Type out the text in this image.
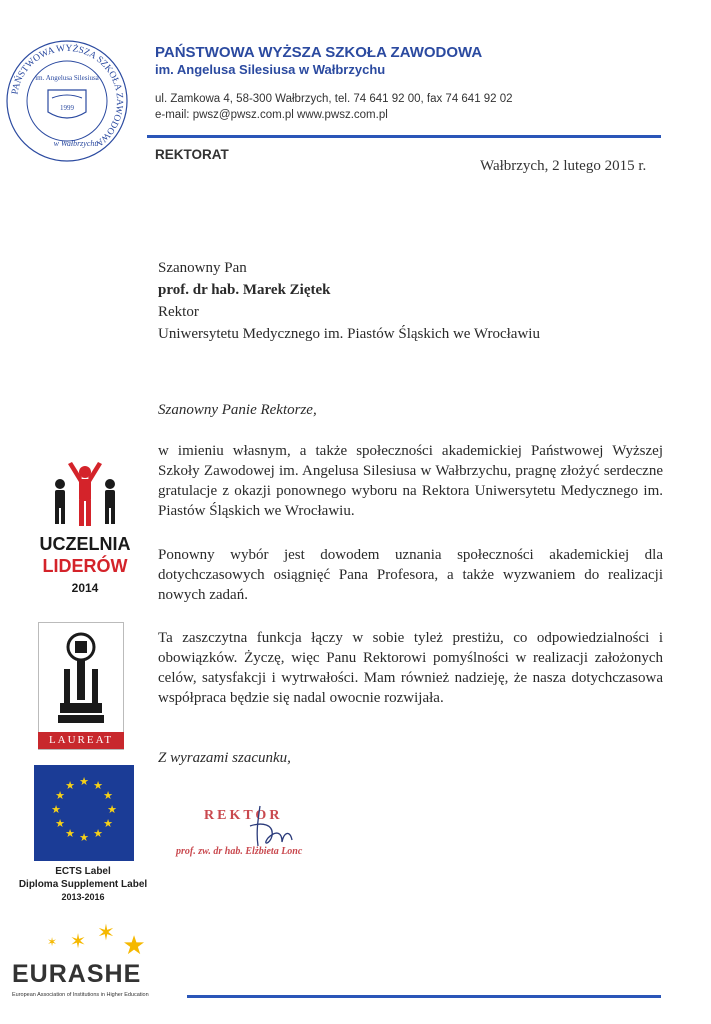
PAŃSTWOWA WYŻSZA SZKOŁA ZAWODOWA
im. Angelusa Silesiusa
1999
w Wałbrzychu
PAŃSTWOWA WYŻSZA SZKOŁA ZAWODOWA
im. Angelusa Silesiusa w Wałbrzychu
ul. Zamkowa 4, 58-300 Wałbrzych, tel. 74 641 92 00, fax 74 641 92 02
e-mail: pwsz@pwsz.com.pl www.pwsz.com.pl
REKTORAT
Wałbrzych, 2 lutego 2015 r.
Szanowny Pan
prof. dr hab. Marek Ziętek
Rektor
Uniwersytetu Medycznego im. Piastów Śląskich we Wrocławiu
Szanowny Panie Rektorze,
w imieniu własnym, a także społeczności akademickiej Państwowej Wyższej Szkoły Zawodowej im. Angelusa Silesiusa w Wałbrzychu, pragnę złożyć serdeczne gratulacje z okazji ponownego wyboru na Rektora Uniwersytetu Medycznego im. Piastów Śląskich we Wrocławiu.
Ponowny wybór jest dowodem uznania społeczności akademickiej dla dotychczasowych osiągnięć Pana Profesora, a także wyzwaniem do realizacji nowych zadań.
Ta zaszczytna funkcja łączy w sobie tyleż prestiżu, co odpowiedzialności i obowiązków. Życzę, więc Panu Rektorowi pomyślności w realizacji założonych celów, satysfakcji i wytrwałości. Mam również nadzieję, że nasza dotychczasowa współpraca będzie się nadal owocnie rozwijała.
Z wyrazami szacunku,
REKTOR
prof. zw. dr hab. Elżbieta Lonc
UCZELNIA
LIDERÓW
2014
LAUREAT
★ ★
★
★
★
★
★
★
★
★
★
★
ECTS Label
Diploma Supplement Label
2013-2016
✶ ✶ ✶ ★
EURASHE
European Association of Institutions in Higher Education
